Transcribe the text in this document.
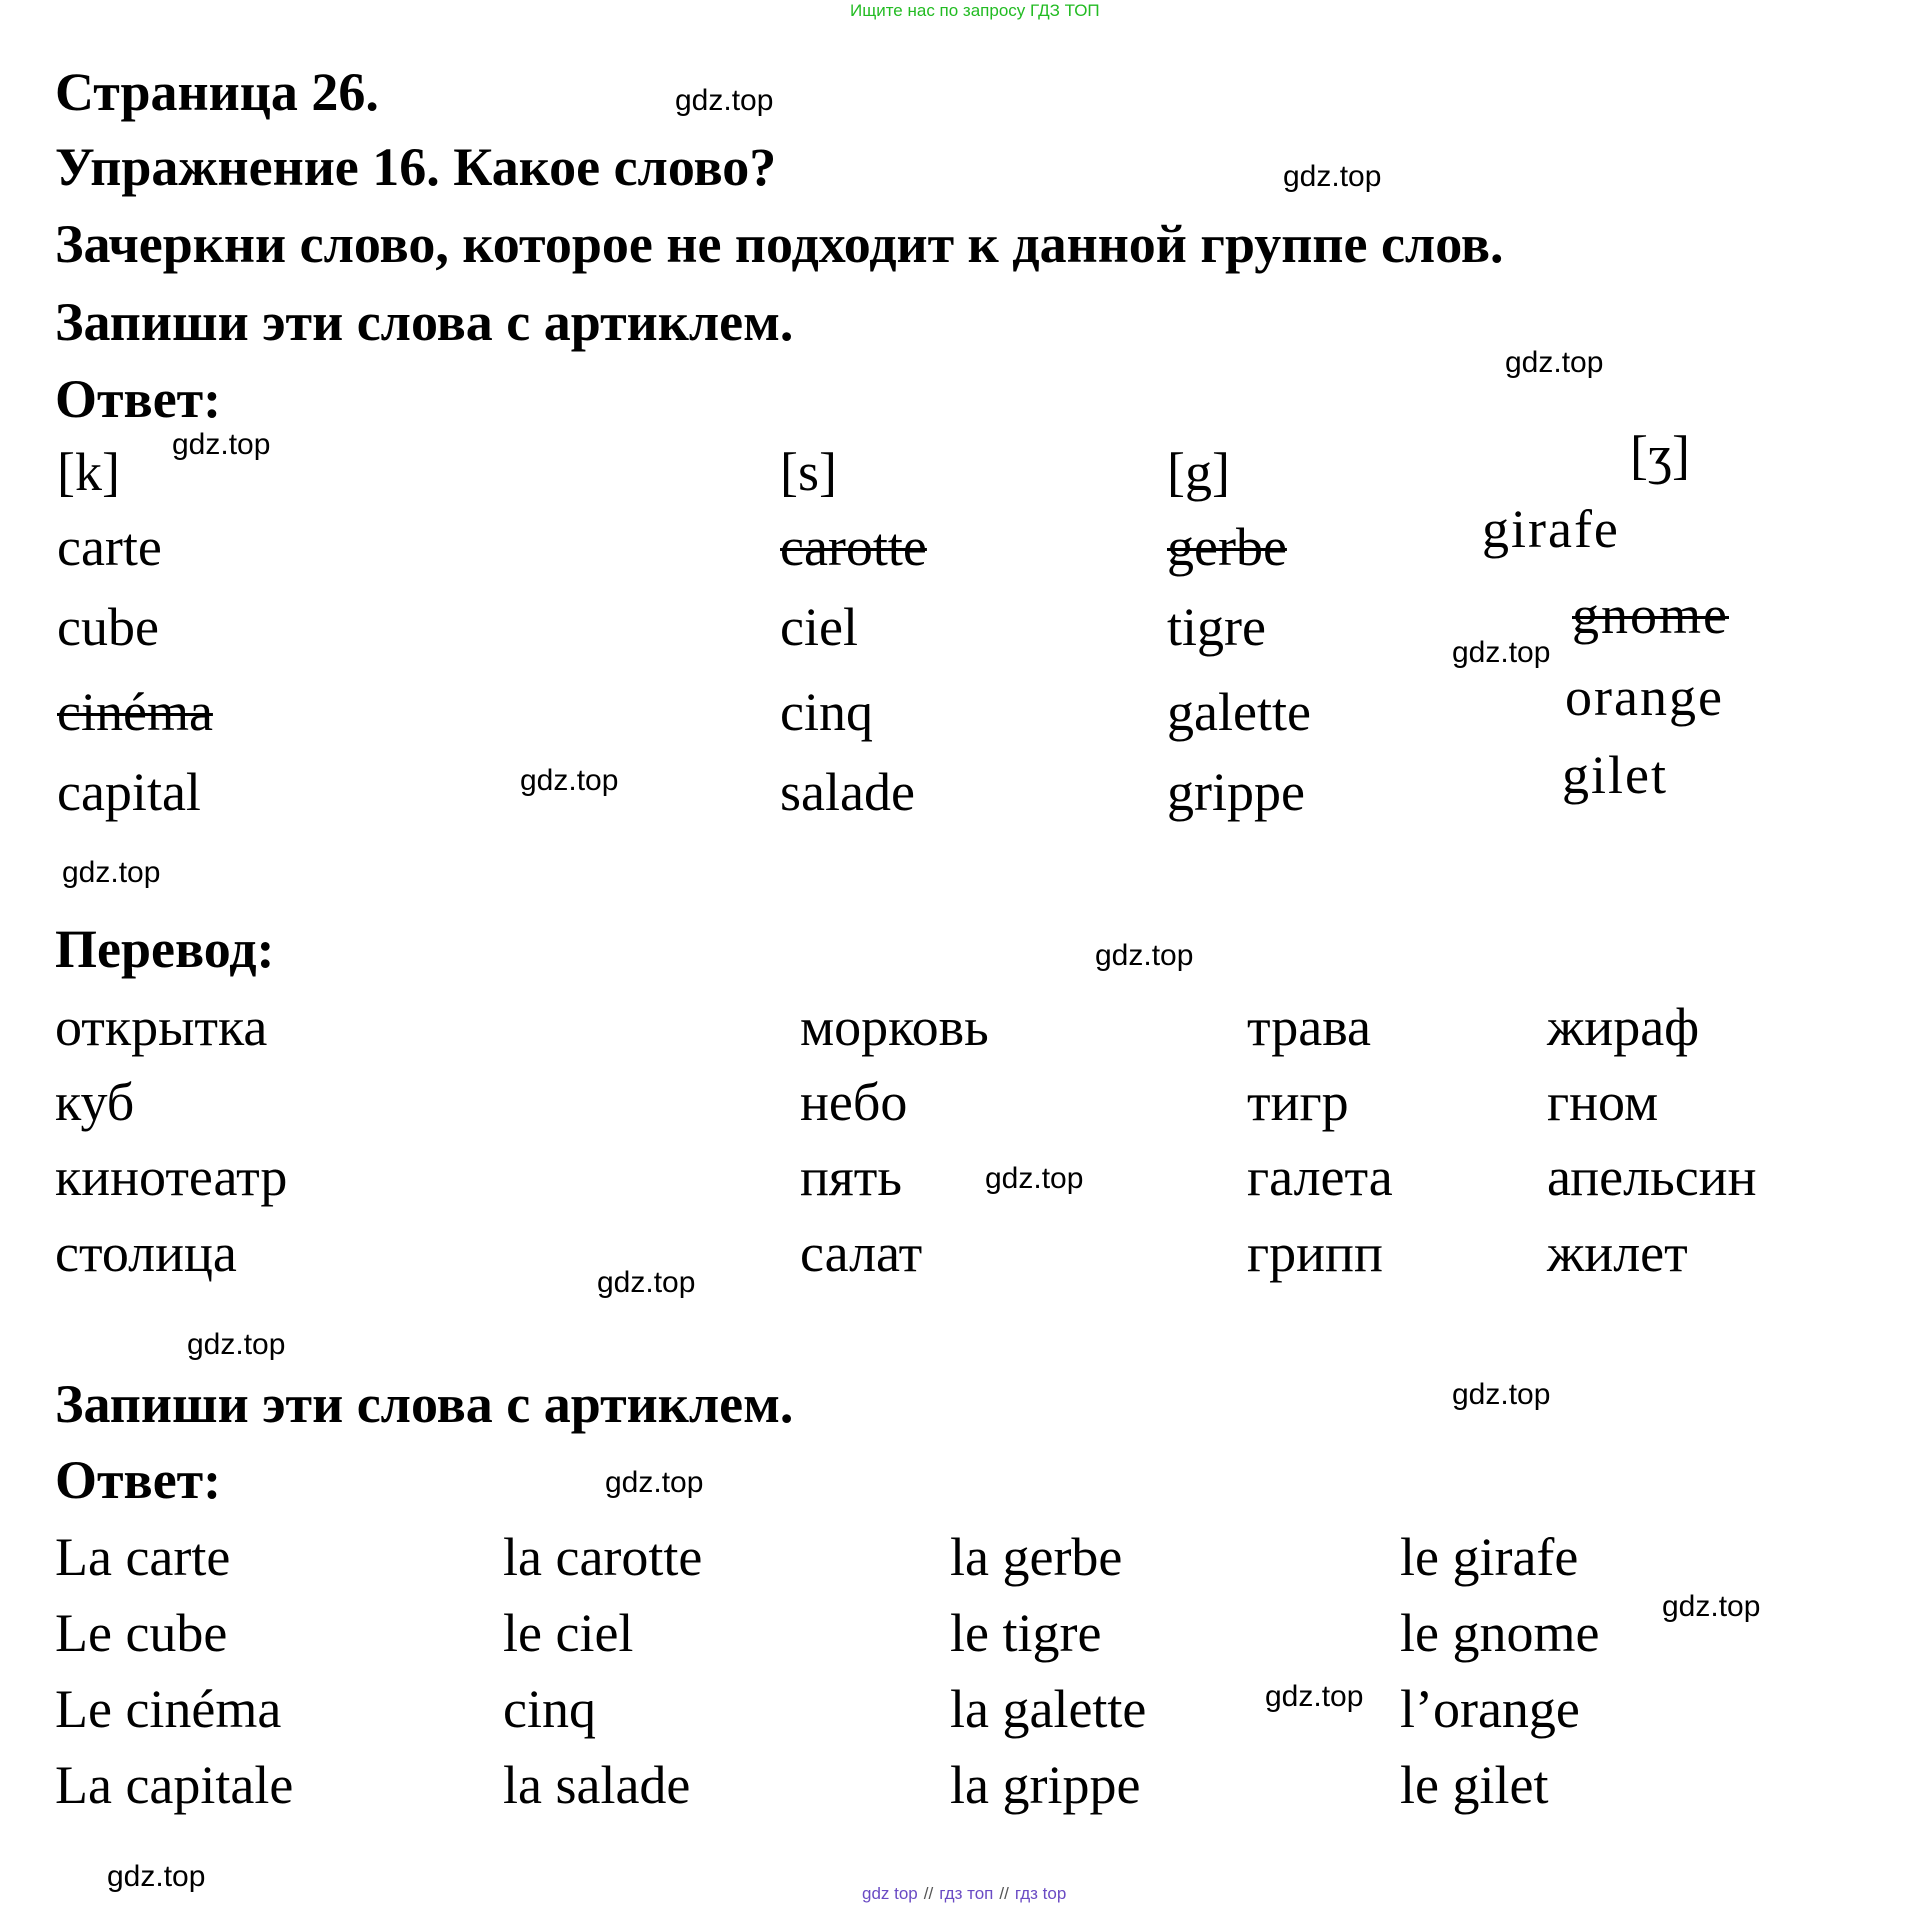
Ищите нас по запросу ГДЗ ТОП
Страница 26.
Упражнение 16. Какое слово?
Зачеркни слово, которое не подходит к данной группе слов.
Запиши эти слова с артиклем.
Ответ:
[k]
carte
cube
cinéma
capital
[s]
carotte
ciel
cinq
salade
[g]
gerbe
tigre
galette
grippe
[ʒ]
girafe
gnome
orange
gilet
Перевод:
открытка
куб
кинотеатр
столица
морковь
небо
пять
салат
трава
тигр
галета
грипп
жираф
гном
апельсин
жилет
Запиши эти слова с артиклем.
Ответ:
La carte
Le cube
Le cinéma
La capitale
la carotte
le ciel
cinq
la salade
la gerbe
le tigre
la galette
la grippe
le girafe
le gnome
l’orange
le gilet
gdz.top
gdz.top
gdz.top
gdz.top
gdz.top
gdz.top
gdz.top
gdz.top
gdz.top
gdz.top
gdz.top
gdz.top
gdz.top
gdz.top
gdz.top
gdz.top
gdz top // гдз топ // гдз top
